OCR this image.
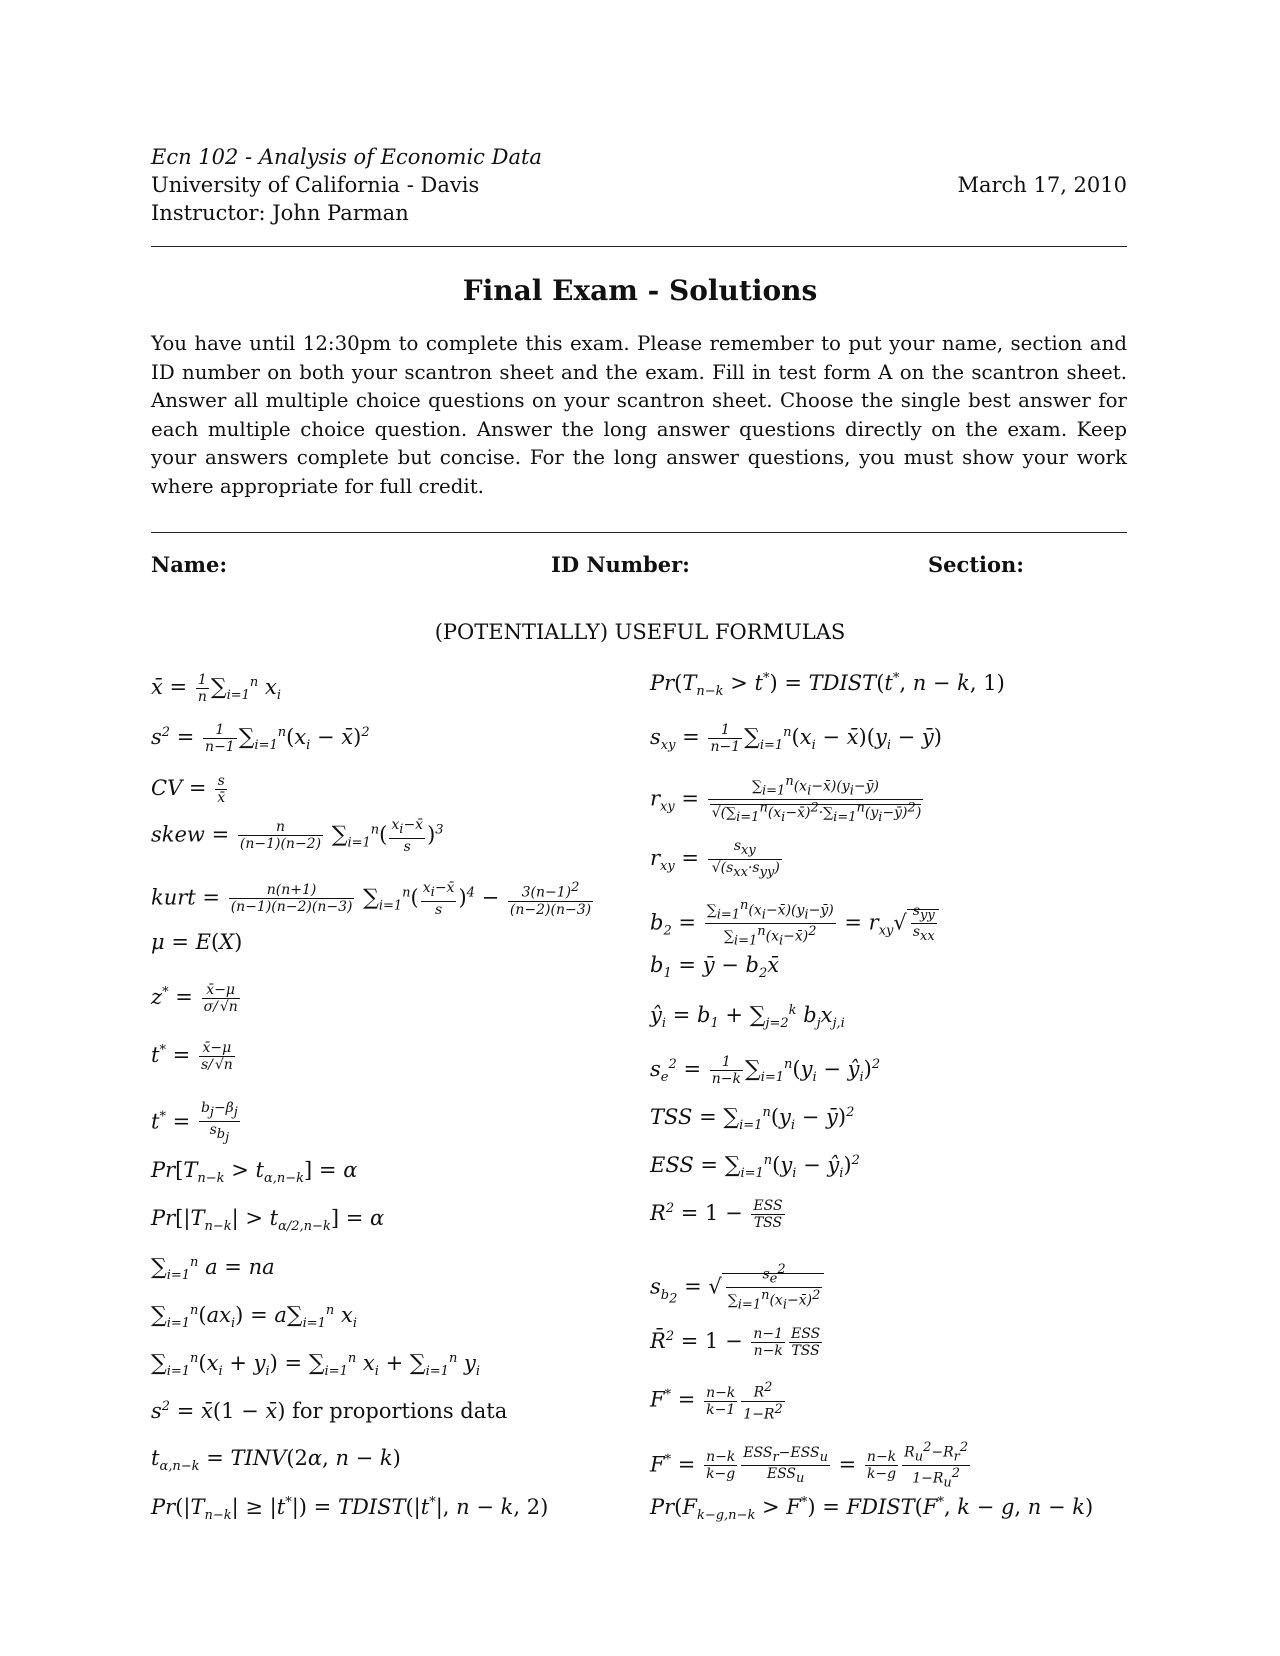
Ecn 102 - Analysis of Economic Data
University of California - Davis
Instructor: John Parman
March 17, 2010
Final Exam - Solutions
You have until 12:30pm to complete this exam. Please remember to put your name, section and ID number on both your scantron sheet and the exam. Fill in test form A on the scantron sheet. Answer all multiple choice questions on your scantron sheet. Choose the single best answer for each multiple choice question. Answer the long answer questions directly on the exam. Keep your answers complete but concise. For the long answer questions, you must show your work where appropriate for full credit.
Name:	ID Number:	Section:
(POTENTIALLY) USEFUL FORMULAS
x̄ = $\frac{1}{n} \sum_{i=1}^n$ $x_i$
$s^2 = \frac{1}{n-1} \sum_{i=1}^n(x_i$ − x̄)$^2$
CV = $\frac{s}{x̄}$
skew = $\frac{n}{(n-1)(n-2)} \sum_{i=1}^n( \frac{x_i-x̄}{s} )^3$
kurt = $\frac{n(n+1)}{(n-1)(n-2)(n-3)} \sum_{i=1}^n( \frac{x_i-x̄}{s} )^4 - \frac{3(n-1)^2}{(n-2)(n-3)}$
μ = E(X)
$z^* = \frac{x̄-\mu}{\sigma/ √n}$
$t^* = \frac{x̄-\mu}{s/ √n}$
$t^* = \frac{b_j-\beta_j}{s_{b_j}}$
$Pr[T_{n-k} > t_{\alpha,n-k}] = \alpha$
$Pr[|T_{n-k}| > t_{\alpha/2,n-k}] = \alpha$
$\sum_{i=1}^n$ a = na
$\sum_{i=1}^n(ax_i) = a\sum_{i=1}^n$ $x_i$
$\sum_{i=1}^n(x_i + y_i) = \sum_{i=1}^n$ $x_i + \sum_{i=1}^n$ $y_i$
$s^2$ = x̄(1 − x̄) for proportions data
$t_{\alpha,n-k}$ = TINV(2α, n − k)
$Pr(|T_{n-k}| \ge |t^*|)$ = TDIST(|t*|, n − k, 2)
$Pr(T_{n-k} > t^*)$ = TDIST(t*, n − k, 1)
$s_{xy} = \frac{1}{n-1} \sum_{i=1}^n(x_i$ − $x̄)(y_i$ − ȳ)
$r_{xy} = \frac{\sum_{i=1}^n(x_i-x̄)(y_i-ȳ)}{√(\sum_{i=1}^n(x_i-x̄)^2\cdot\sum_{i=1}^n(y_i-ȳ)^2)}$
$r_{xy} = \frac{s_{xy}}{√(s_{xx}\cdot s_{yy})}$
$b_2 = \frac{\sum_{i=1}^n(x_i-x̄)(y_i-ȳ)}{\sum_{i=1}^n(x_i-x̄)^2} = r_{xy}√ \frac{s_{yy}}{s_{xx}}$
$b_1$ = ȳ − $b_2x̄$
$ŷ_i = b_1 + \sum_{j=2}^k$ $b_jx_{j,i}$
$s_e^2 = \frac{1}{n-k} \sum_{i=1}^n(y_i$ − $ŷ_i)^2$
TSS = $\sum_{i=1}^n(y_i$ − ȳ)$^2$
ESS = $\sum_{i=1}^n(y_i$ − $ŷ_i)^2$
$R^2 = 1 - \frac{\text{ESS}}{\text{TSS}}$
$s_{b_2}$ = √ $\frac{s_e^2}{\sum_{i=1}^n(x_i-x̄)^2}$
R̄$^2$ = $1 - \frac{n-1}{n-k} \frac{\text{ESS}}{\text{TSS}}$
$F^* = \frac{n-k}{k-1} \frac{R^2}{1-R^2}$
$F^* = \frac{n-k}{k-g} \frac{ESS_r-ESS_u}{ESS_u} = \frac{n-k}{k-g} \frac{R_u^2-R_r^2}{1-R_u^2}$
$Pr(F_{k-g,n-k} > F^*)$ = FDIST(F*, k − g, n − k)
